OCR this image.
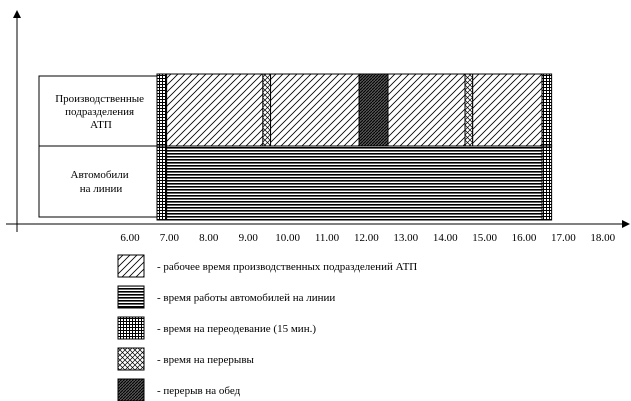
Производственные подразделения АТП
Автомобили на линии
6.00 7.00 8.00 9.00 10.00 11.00 12.00 13.00 14.00 15.00 16.00 17.00 18.00
- рабочее время производственных подразделений АТП
- время работы автомобилей на линии
- время на переодевание (15 мин.)
- время на перерывы
- перерыв на обед
